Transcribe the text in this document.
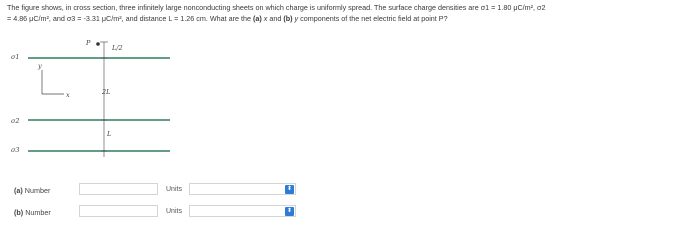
The figure shows, in cross section, three infinitely large nonconducting sheets on which charge is uniformly spread. The surface charge densities are σ1 = 1.80 μC/m², σ2
= 4.86 μC/m², and σ3 = -3.31 μC/m², and distance L = 1.26 cm. What are the (a) x and (b) y components of the net electric field at point P?
P
L/2
2L
L
σ1
σ2
σ3
y
x
(a) Number	Units	⬍
(b) Number	Units	⬍
